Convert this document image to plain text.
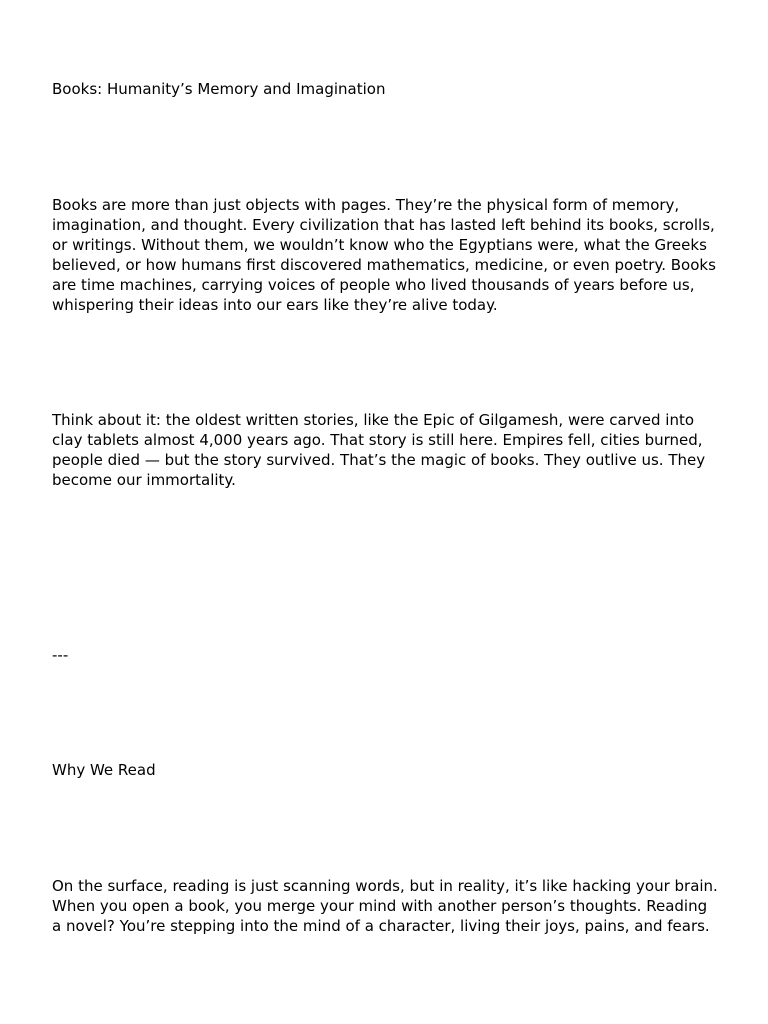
Books: Humanity’s Memory and Imagination

Books are more than just objects with pages. They’re the physical form of memory, imagination, and thought. Every civilization that has lasted left behind its books, scrolls, or writings. Without them, we wouldn’t know who the Egyptians were, what the Greeks believed, or how humans first discovered mathematics, medicine, or even poetry. Books are time machines, carrying voices of people who lived thousands of years before us, whispering their ideas into our ears like they’re alive today.

Think about it: the oldest written stories, like the Epic of Gilgamesh, were carved into clay tablets almost 4,000 years ago. That story is still here. Empires fell, cities burned, people died — but the story survived. That’s the magic of books. They outlive us. They become our immortality.

---

Why We Read

On the surface, reading is just scanning words, but in reality, it’s like hacking your brain. When you open a book, you merge your mind with another person’s thoughts. Reading a novel? You’re stepping into the mind of a character, living their joys, pains, and fears.
